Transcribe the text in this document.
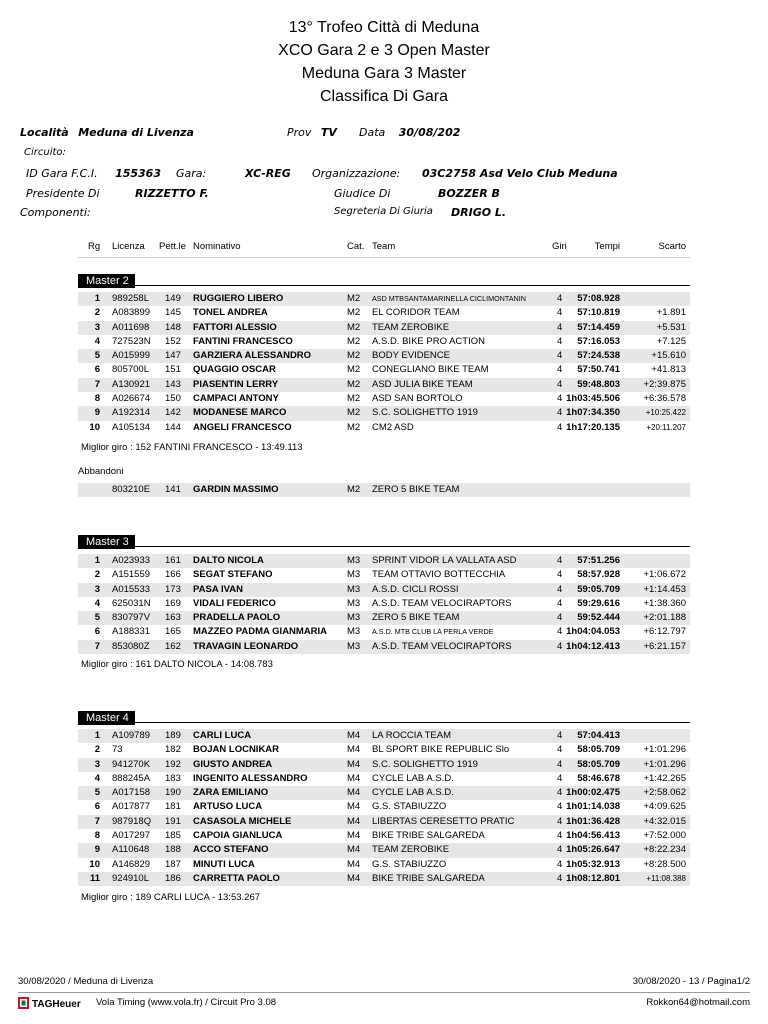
13° Trofeo Città di Meduna
XCO Gara 2 e 3 Open Master
Meduna Gara 3 Master
Classifica Di Gara
Località Meduna di Livenza	Prov TV Data 30/08/202
Circuito:
ID Gara F.C.I. 155363 Gara:	XC-REG Organizzazione: 03C2758 Asd Velo Club Meduna
Presidente Di	RIZZETTO F.	Giudice Di	BOZZER B
Componenti:	Segreteria Di Giuria DRIGO L.
Rg Licenza Pett.le Nominativo	Cat. Team	Giri	Tempi	Scarto
Master 2
1 989258L 149 RUGGIERO LIBERO	M2 ASD MTBSANTAMARINELLA CICLIMONTANIN	4 57:08.928
2 A083899 145 TONEL ANDREA	M2 EL CORIDOR TEAM	4 57:10.819	+1.891
3 A011698 148 FATTORI ALESSIO	M2 TEAM ZEROBIKE	4 57:14.459	+5.531
4 727523N 152 FANTINI FRANCESCO	M2 A.S.D. BIKE PRO ACTION	4 57:16.053	+7.125
5 A015999 147 GARZIERA ALESSANDRO	M2 BODY EVIDENCE	4 57:24.538	+15.610
6 805700L 151 QUAGGIO OSCAR	M2 CONEGLIANO BIKE TEAM	4 57:50.741	+41.813
7 A130921 143 PIASENTIN LERRY	M2 ASD JULIA BIKE TEAM	4 59:48.803 +2:39.875
8 A026674 150 CAMPACI ANTONY	M2 ASD SAN BORTOLO	4 1h03:45.506 +6:36.578
9 A192314 142 MODANESE MARCO	M2 S.C. SOLIGHETTO 1919	4 1h07:34.350	+10:25.422
10 A105134 144 ANGELI FRANCESCO	M2 CM2 ASD	4 1h17:20.135	+20:11.207
Miglior giro : 152 FANTINI FRANCESCO - 13:49.113
Abbandoni
803210E 141 GARDIN MASSIMO	M2 ZERO 5 BIKE TEAM
Master 3
1 A023933 161 DALTO NICOLA	M3 SPRINT VIDOR LA VALLATA ASD	4 57:51.256
2 A151559 166 SEGAT STEFANO	M3 TEAM OTTAVIO BOTTECCHIA	4 58:57.928 +1:06.672
3 A015533 173 PASA IVAN	M3 A.S.D. CICLI ROSSI	4 59:05.709 +1:14.453
4 625031N 169 VIDALI FEDERICO	M3 A.S.D. TEAM VELOCIRAPTORS	4 59:29.616 +1:38.360
5 830797V 163 PRADELLA PAOLO	M3 ZERO 5 BIKE TEAM	4 59:52.444 +2:01.188
6 A188331 165 MAZZEO PADMA GIANMARIA M3 A.S.D. MTB CLUB LA PERLA VERDE	4 1h04:04.053 +6:12.797
7 853080Z 162 TRAVAGIN LEONARDO	M3 A.S.D. TEAM VELOCIRAPTORS	4 1h04:12.413 +6:21.157
Miglior giro : 161 DALTO NICOLA - 14:08.783
Master 4
1 A109789 189 CARLI LUCA	M4 LA ROCCIA TEAM	4 57:04.413
2 73	182 BOJAN LOCNIKAR	M4 BL SPORT BIKE REPUBLIC Slo	4 58:05.709 +1:01.296
3 941270K 192 GIUSTO ANDREA	M4 S.C. SOLIGHETTO 1919	4 58:05.709 +1:01.296
4 888245A 183 INGENITO ALESSANDRO	M4 CYCLE LAB A.S.D.	4 58:46.678 +1:42.265
5 A017158 190 ZARA EMILIANO	M4 CYCLE LAB A.S.D.	4 1h00:02.475 +2:58.062
6 A017877 181 ARTUSO LUCA	M4 G.S. STABIUZZO	4 1h01:14.038 +4:09.625
7 987918Q 191 CASASOLA MICHELE	M4 LIBERTAS CERESETTO PRATIC	4 1h01:36.428 +4:32.015
8 A017297 185 CAPOIA GIANLUCA	M4 BIKE TRIBE SALGAREDA	4 1h04:56.413 +7:52.000
9 A110648 188 ACCO STEFANO	M4 TEAM ZEROBIKE	4 1h05:26.647 +8:22.234
10 A146829 187 MINUTI LUCA	M4 G.S. STABIUZZO	4 1h05:32.913 +8:28.500
11 924910L 186 CARRETTA PAOLO	M4 BIKE TRIBE SALGAREDA	4 1h08:12.801	+11:08.388
Miglior giro : 189 CARLI LUCA - 13:53.267
30/08/2020 / Meduna di Livenza	30/08/2020 - 13 / Pagina1/2
TAGHeuer Vola Timing (www.vola.fr) / Circuit Pro 3.08	Rokkon64@hotmail.com
